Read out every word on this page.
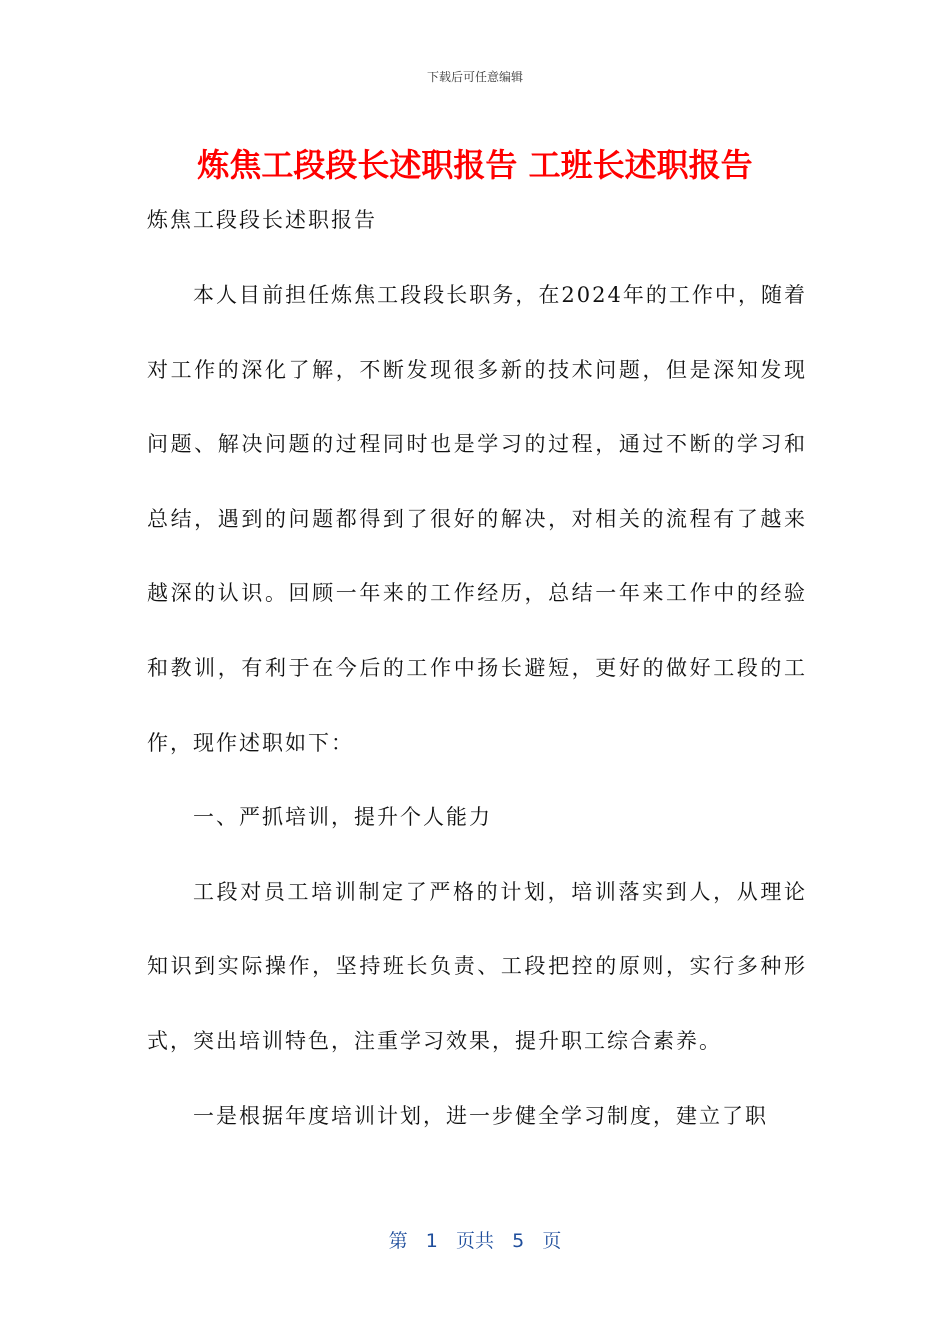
下载后可任意编辑
炼焦工段段长述职报告 工班长述职报告
炼焦工段段长述职报告

本人目前担任炼焦工段段长职务，在2024年的工作中，随着对工作的深化了解，不断发现很多新的技术问题，但是深知发现问题、解决问题的过程同时也是学习的过程，通过不断的学习和总结，遇到的问题都得到了很好的解决，对相关的流程有了越来越深的认识。回顾一年来的工作经历，总结一年来工作中的经验和教训，有利于在今后的工作中扬长避短，更好的做好工段的工作，现作述职如下：

一、严抓培训，提升个人能力

工段对员工培训制定了严格的计划，培训落实到人，从理论知识到实际操作，坚持班长负责、工段把控的原则，实行多种形式，突出培训特色，注重学习效果，提升职工综合素养。

一是根据年度培训计划，进一步健全学习制度，建立了职

第 1 页共 5 页
